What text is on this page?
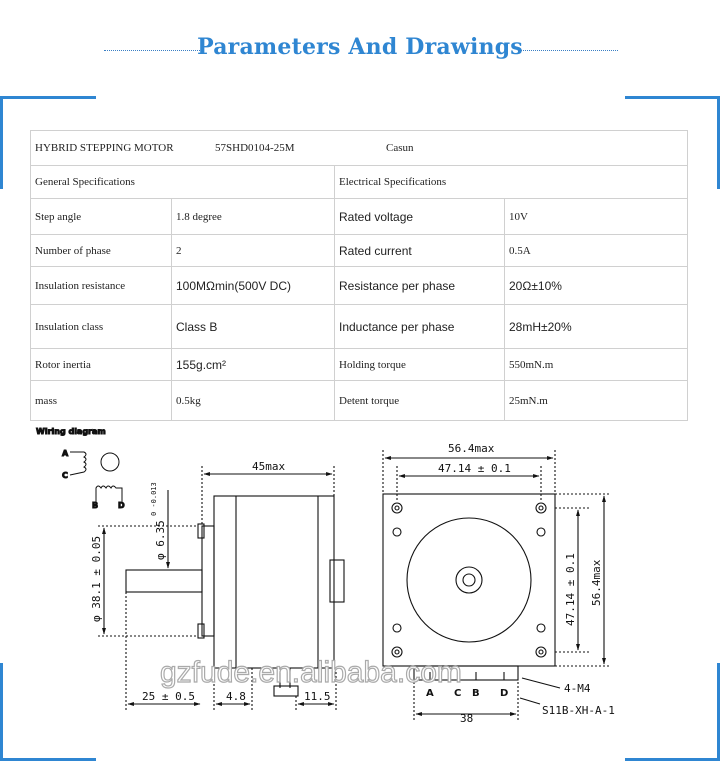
Parameters And Drawings
HYBRID STEPPING MOTOR 57SHD0104-25M Casun			
General Specifications		Electrical Specifications	
Step angle	1.8 degree	Rated voltage	10V
Number of phase	2	Rated current	0.5A
Insulation resistance	100MΩmin(500V DC)	Resistance per phase	20Ω±10%
Insulation class	Class B	Inductance per phase	28mH±20%
Rotor inertia	155g.cm²	Holding torque	550mN.m
mass	0.5kg	Detent torque	25mN.m
Wiring diagram
A
C
B D
45max
φ 38.1 ± 0.05	φ 6.35
0 -0.013
25 ± 0.5	4.8	11.5
56.4max
47.14 ± 0.1
47.14 ± 0.1 56.4max
4-M4
S11B-XH-A-1
38
A C B D
gzfude.en.alibaba.com
